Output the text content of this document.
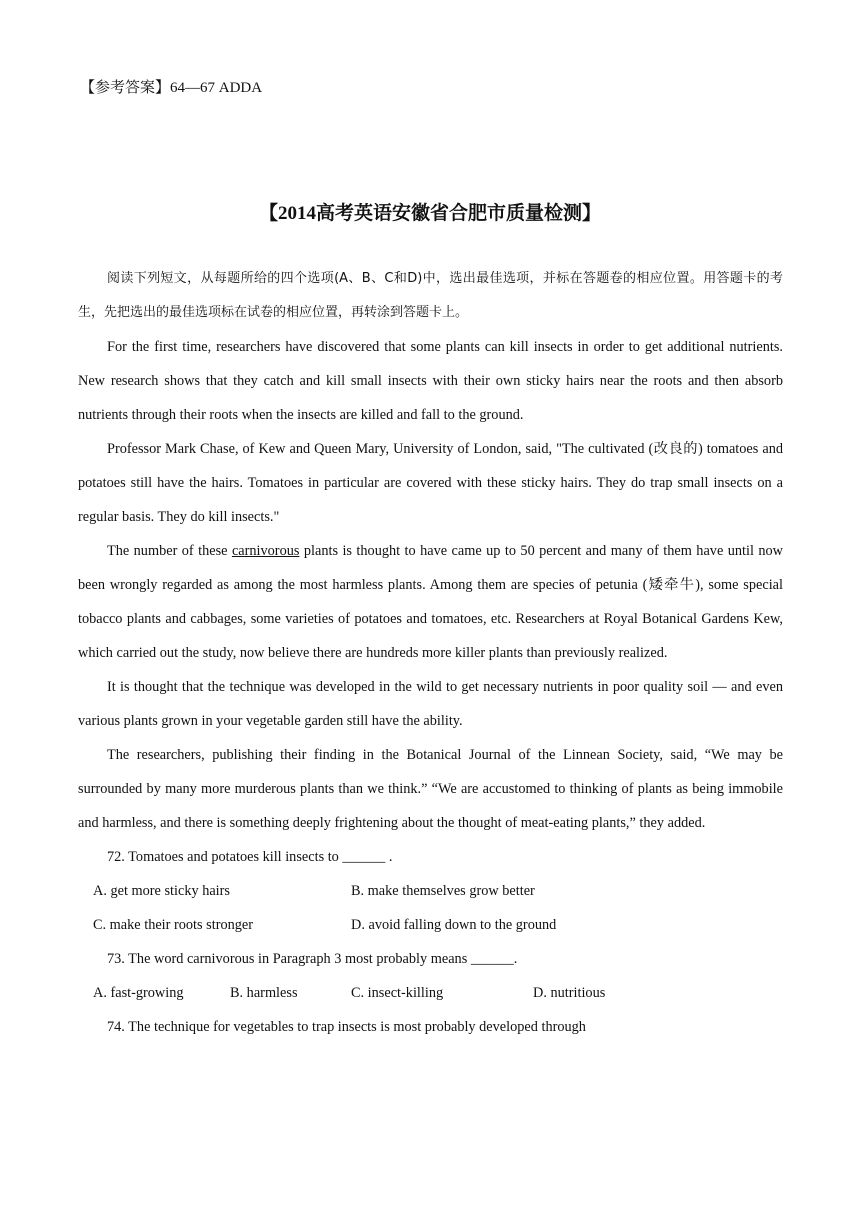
【参考答案】64—67 ADDA
【2014高考英语安徽省合肥市质量检测】

阅读下列短文，从每题所给的四个选项(A、B、C和D)中，选出最佳选项，并标在答题卷的相应位置。用答题卡的考生，先把选出的最佳选项标在试卷的相应位置，再转涂到答题卡上。

For the first time, researchers have discovered that some plants can kill insects in order to get additional nutrients. New research shows that they catch and kill small insects with their own sticky hairs near the roots and then absorb nutrients through their roots when the insects are killed and fall to the ground.

Professor Mark Chase, of Kew and Queen Mary, University of London, said, "The cultivated (改良的) tomatoes and potatoes still have the hairs. Tomatoes in particular are covered with these sticky hairs. They do trap small insects on a regular basis. They do kill insects."

The number of these carnivorous plants is thought to have came up to 50 percent and many of them have until now been wrongly regarded as among the most harmless plants. Among them are species of petunia (矮牵牛), some special tobacco plants and cabbages, some varieties of potatoes and tomatoes, etc. Researchers at Royal Botanical Gardens Kew, which carried out the study, now believe there are hundreds more killer plants than previously realized.

It is thought that the technique was developed in the wild to get necessary nutrients in poor quality soil — and even various plants grown in your vegetable garden still have the ability.

The researchers, publishing their finding in the Botanical Journal of the Linnean Society, said, “We may be surrounded by many more murderous plants than we think.” “We are accustomed to thinking of plants as being immobile and harmless, and there is something deeply frightening about the thought of meat-eating plants,” they added.

72. Tomatoes and potatoes kill insects to ______ .

A. get more sticky hairs	B. make themselves grow better
C. make their roots stronger	D. avoid falling down to the ground

73. The word carnivorous in Paragraph 3 most probably means ______.

A. fast-growing	B. harmless	C. insect-killing	D. nutritious

74. The technique for vegetables to trap insects is most probably developed through
